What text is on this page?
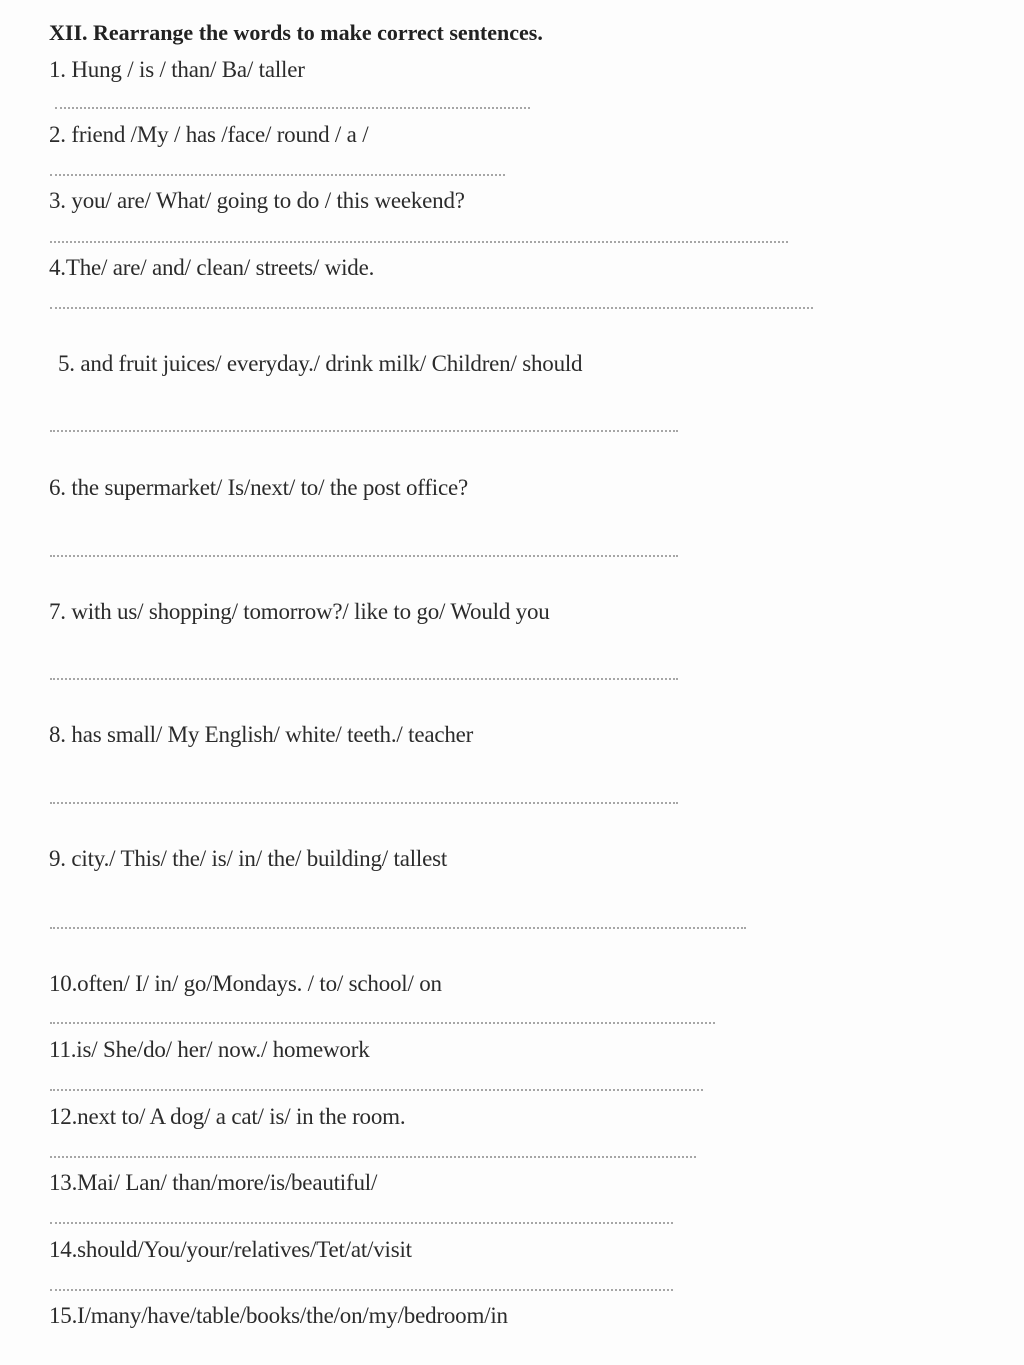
XII. Rearrange the words to make correct sentences.
1. Hung / is / than/ Ba/ taller
2. friend /My / has /face/ round / a /
3. you/ are/ What/ going to do / this weekend?
4.The/ are/ and/ clean/ streets/ wide.
5. and fruit juices/ everyday./ drink milk/ Children/ should
6. the supermarket/ Is/next/ to/ the post office?
7. with us/ shopping/ tomorrow?/ like to go/ Would you
8. has small/ My English/ white/ teeth./ teacher
9. city./ This/ the/ is/ in/ the/ building/ tallest
10.often/ I/ in/ go/Mondays. / to/ school/ on
11.is/ She/do/ her/ now./ homework
12.next to/ A dog/ a cat/ is/ in the room.
13.Mai/ Lan/ than/more/is/beautiful/
14.should/You/your/relatives/Tet/at/visit
15.I/many/have/table/books/the/on/my/bedroom/in
